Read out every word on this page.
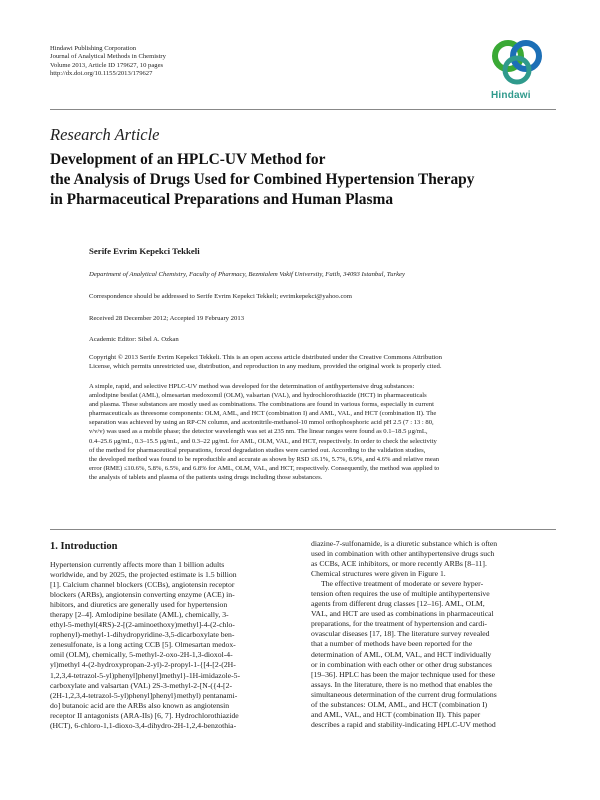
Hindawi Publishing Corporation
Journal of Analytical Methods in Chemistry
Volume 2013, Article ID 179627, 10 pages
http://dx.doi.org/10.1155/2013/179627
Hindawi
Research Article
Development of an HPLC-UV Method for
the Analysis of Drugs Used for Combined Hypertension Therapy
in Pharmaceutical Preparations and Human Plasma
Serife Evrim Kepekci Tekkeli
Department of Analytical Chemistry, Faculty of Pharmacy, Bezmialem Vakif University, Fatih, 34093 Istanbul, Turkey
Correspondence should be addressed to Serife Evrim Kepekci Tekkeli; evrimkepekci@yahoo.com
Received 28 December 2012; Accepted 19 February 2013
Academic Editor: Sibel A. Ozkan
Copyright © 2013 Serife Evrim Kepekci Tekkeli. This is an open access article distributed under the Creative Commons Attribution
License, which permits unrestricted use, distribution, and reproduction in any medium, provided the original work is properly cited.
A simple, rapid, and selective HPLC-UV method was developed for the determination of antihypertensive drug substances:
amlodipine besilat (AML), olmesartan medoxomil (OLM), valsartan (VAL), and hydrochlorothiazide (HCT) in pharmaceuticals
and plasma. These substances are mostly used as combinations. The combinations are found in various forms, especially in current
pharmaceuticals as threesome components: OLM, AML, and HCT (combination I) and AML, VAL, and HCT (combination II). The
separation was achieved by using an RP-CN column, and acetonitrile-methanol-10 mmol orthophosphoric acid pH 2.5 (7 : 13 : 80,
v/v/v) was used as a mobile phase; the detector wavelength was set at 235 nm. The linear ranges were found as 0.1–18.5 μg/mL,
0.4–25.6 μg/mL, 0.3–15.5 μg/mL, and 0.3–22 μg/mL for AML, OLM, VAL, and HCT, respectively. In order to check the selectivity
of the method for pharmaceutical preparations, forced degradation studies were carried out. According to the validation studies,
the developed method was found to be reproducible and accurate as shown by RSD ≤6.1%, 5.7%, 6.9%, and 4.6% and relative mean
error (RME) ≤10.6%, 5.8%, 6.5%, and 6.8% for AML, OLM, VAL, and HCT, respectively. Consequently, the method was applied to
the analysis of tablets and plasma of the patients using drugs including those substances.
1. Introduction

Hypertension currently affects more than 1 billion adults

worldwide, and by 2025, the projected estimate is 1.5 billion

[1]. Calcium channel blockers (CCBs), angiotensin receptor

blockers (ARBs), angiotensin converting enzyme (ACE) in-

hibitors, and diuretics are generally used for hypertension

therapy [2–4]. Amlodipine besilate (AML), chemically, 3-

ethyl-5-methyl(4RS)-2-[(2-aminoethoxy)methyl]-4-(2-chlo-

rophenyl)-methyl-1-dihydropyridine-3,5-dicarboxylate ben-

zenesulfonate, is a long acting CCB [5]. Olmesartan medox-

omil (OLM), chemically, 5-methyl-2-oxo-2H-1,3-dioxol-4-

yl)methyl 4-(2-hydroxypropan-2-yl)-2-propyl-1-{[4-[2-(2H-

1,2,3,4-tetrazol-5-yl)phenyl]phenyl]methyl}-1H-imidazole-5-

carboxylate and valsartan (VAL) 2S-3-methyl-2-[N-({4-[2-

(2H-1,2,3,4-tetrazol-5-yl)phenyl]phenyl}methyl) pentanami-

do] butanoic acid are the ARBs also known as angiotensin

receptor II antagonists (ARA-IIs) [6, 7]. Hydrochlorothiazide

(HCT), 6-chloro-1,1-dioxo-3,4-dihydro-2H-1,2,4-benzothia-

diazine-7-sulfonamide, is a diuretic substance which is often

used in combination with other antihypertensive drugs such

as CCBs, ACE inhibitors, or more recently ARBs [8–11].

Chemical structures were given in Figure 1.

The effective treatment of moderate or severe hyper-

tension often requires the use of multiple antihypertensive

agents from different drug classes [12–16]. AML, OLM,

VAL, and HCT are used as combinations in pharmaceutical

preparations, for the treatment of hypertension and cardi-

ovascular diseases [17, 18]. The literature survey revealed

that a number of methods have been reported for the

determination of AML, OLM, VAL, and HCT individually

or in combination with each other or other drug substances

[19–36]. HPLC has been the major technique used for these

assays. In the literature, there is no method that enables the

simultaneous determination of the current drug formulations

of the substances: OLM, AML, and HCT (combination I)

and AML, VAL, and HCT (combination II). This paper

describes a rapid and stability-indicating HPLC-UV method
